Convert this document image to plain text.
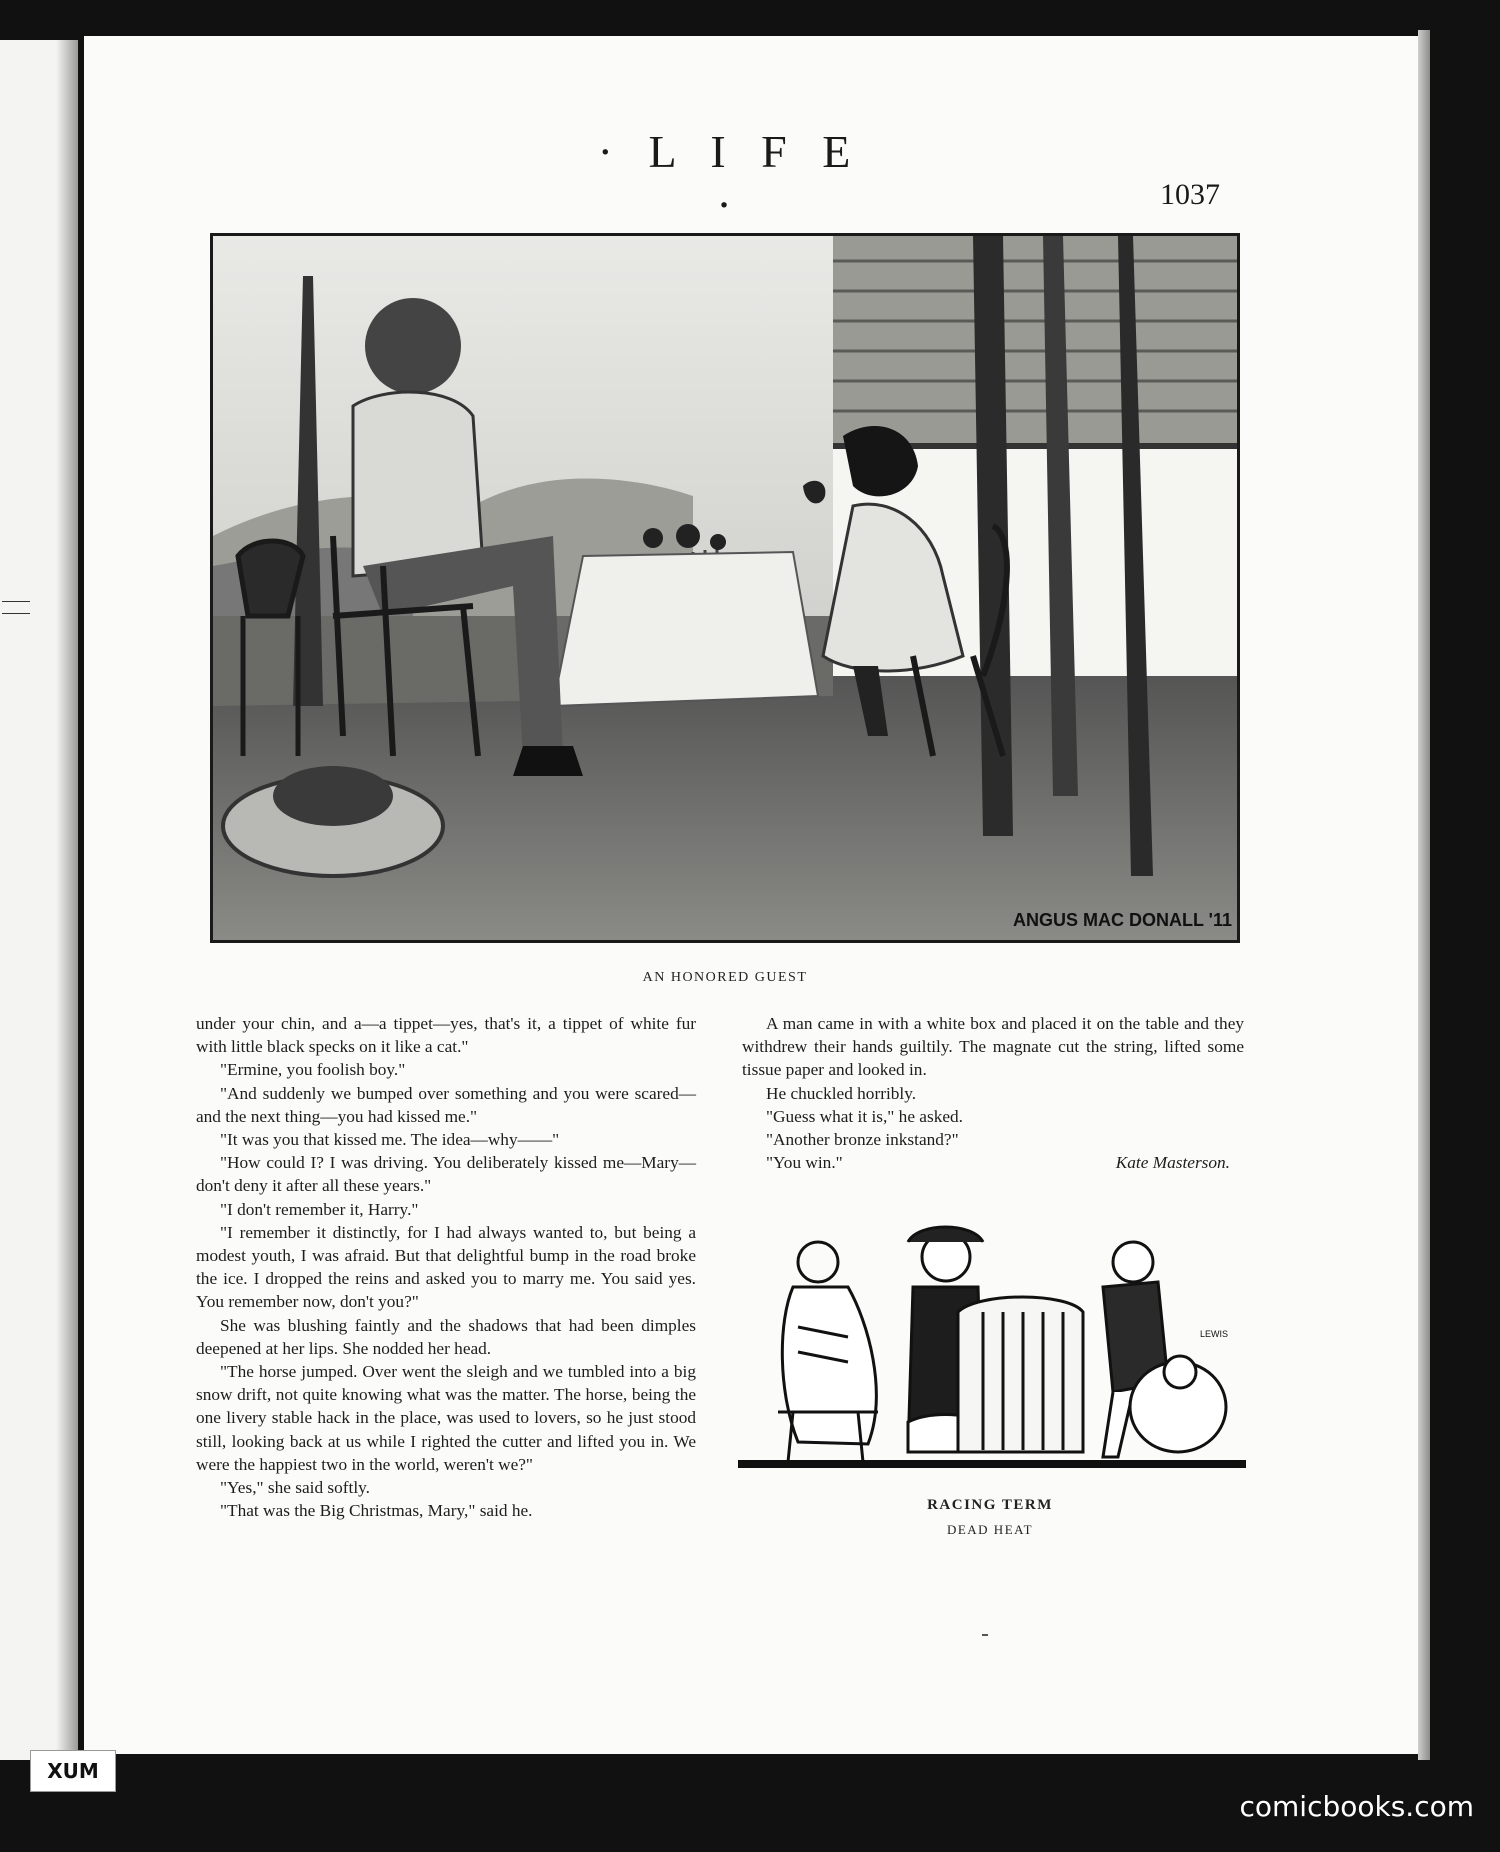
· L I F E ·	1037
ANGUS MAC DONALL '11
AN HONORED GUEST

under your chin, and a—a tippet—yes, that's it, a tippet of white fur with little black specks on it like a cat."

"Ermine, you foolish boy."

"And suddenly we bumped over something and you were scared—and the next thing—you had kissed me."

"It was you that kissed me. The idea—why——"

"How could I? I was driving. You deliberately kissed me—Mary—don't deny it after all these years."

"I don't remember it, Harry."

"I remember it distinctly, for I had always wanted to, but being a modest youth, I was afraid. But that delightful bump in the road broke the ice. I dropped the reins and asked you to marry me. You said yes. You remember now, don't you?"

She was blushing faintly and the shadows that had been dimples deepened at her lips. She nodded her head.

"The horse jumped. Over went the sleigh and we tumbled into a big snow drift, not quite knowing what was the matter. The horse, being the one livery stable hack in the place, was used to lovers, so he just stood still, looking back at us while I righted the cutter and lifted you in. We were the happiest two in the world, weren't we?"

"Yes," she said softly.

"That was the Big Christmas, Mary," said he.

A man came in with a white box and placed it on the table and they withdrew their hands guiltily. The magnate cut the string, lifted some tissue paper and looked in.

He chuckled horribly.

"Guess what it is," he asked.

"Another bronze inkstand?"

"You win."	Kate Masterson.
LEWIS
RACING TERM
DEAD HEAT
XUM
comicbooks.com
